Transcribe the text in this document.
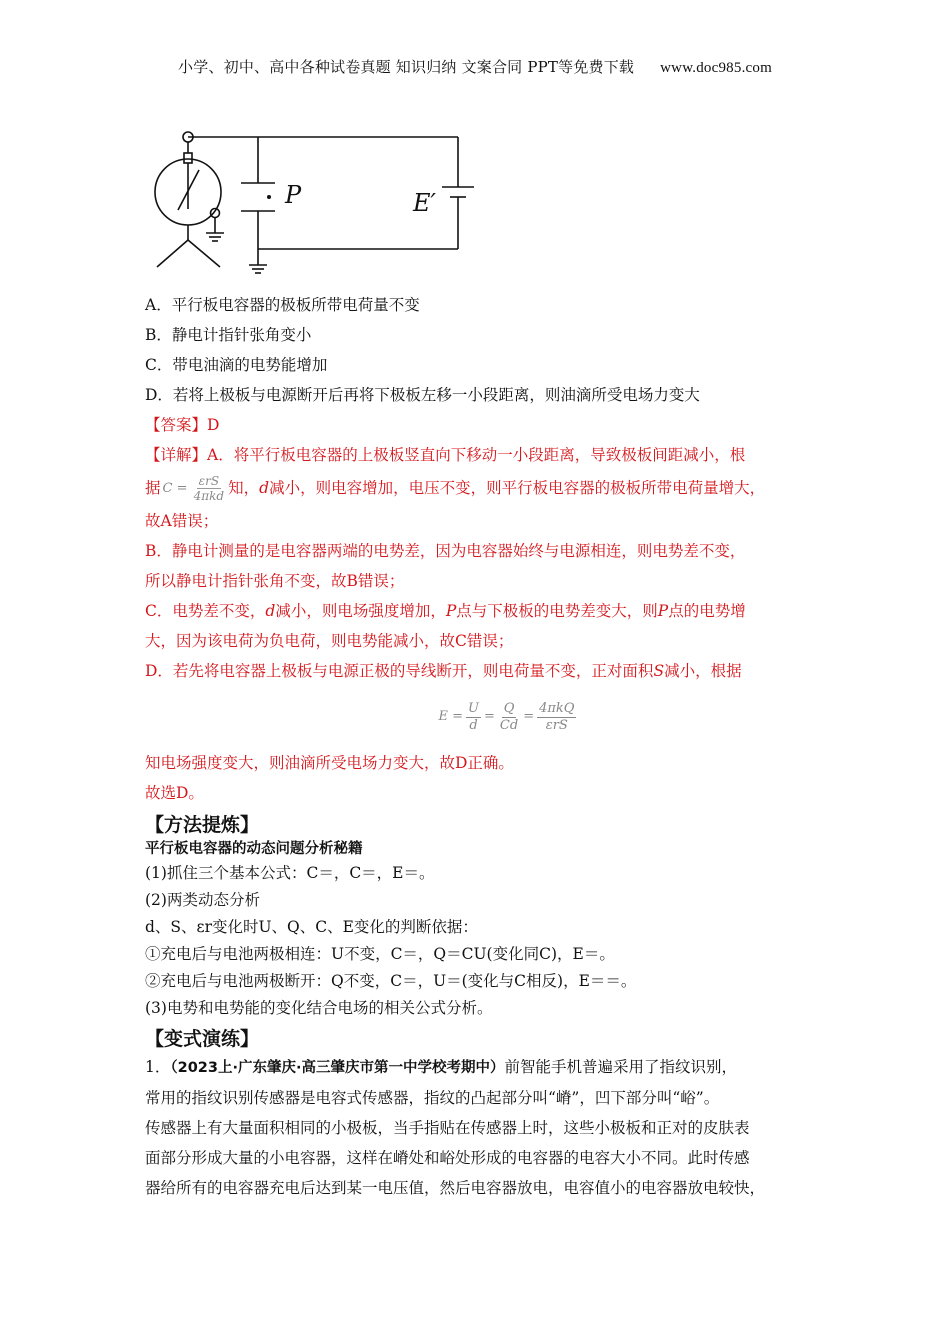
小学、初中、高中各种试卷真题 知识归纳 文案合同 PPT等免费下载 www.doc985.com
P	E′
A．平行板电容器的极板所带电荷量不变
B．静电计指针张角变小
C．带电油滴的电势能增加
D．若将上极板与电源断开后再将下极板左移一小段距离，则油滴所受电场力变大
【答案】D
【详解】A．将平行板电容器的上极板竖直向下移动一小段距离，导致极板间距减小，根
据 $C = \frac{\text{εrS}}{\text{4πkd}}$ 知，d减小，则电容增加，电压不变，则平行板电容器的极板所带电荷量增大，
故A错误；
B．静电计测量的是电容器两端的电势差，因为电容器始终与电源相连，则电势差不变，
所以静电计指针张角不变，故B错误；
C．电势差不变，d减小，则电场强度增加，P点与下极板的电势差变大，则P点的电势增
大，因为该电荷为负电荷，则电势能减小，故C错误；
D．若先将电容器上极板与电源正极的导线断开，则电荷量不变，正对面积S减小，根据
$E = \frac{U}{d} = \frac{Q}{Cd} = \frac{\text{4πkQ}}{\text{εrS}}$
知电场强度变大，则油滴所受电场力变大，故D正确。
故选D。
【方法提炼】
平行板电容器的动态问题分析秘籍
(1)抓住三个基本公式：C＝，C＝，E＝。
(2)两类动态分析
d、S、εr变化时U、Q、C、E变化的判断依据：
①充电后与电池两极相连：U不变，C＝，Q＝CU(变化同C)，E＝。
②充电后与电池两极断开：Q不变，C＝，U＝(变化与C相反)，E＝＝。
(3)电势和电势能的变化结合电场的相关公式分析。
【变式演练】
1．（2023上·广东肇庆·高三肇庆市第一中学校考期中）前智能手机普遍采用了指纹识别，
常用的指纹识别传感器是电容式传感器，指纹的凸起部分叫“嵴”，凹下部分叫“峪”。
传感器上有大量面积相同的小极板，当手指贴在传感器上时，这些小极板和正对的皮肤表
面部分形成大量的小电容器，这样在嵴处和峪处形成的电容器的电容大小不同。此时传感
器给所有的电容器充电后达到某一电压值，然后电容器放电，电容值小的电容器放电较快，
